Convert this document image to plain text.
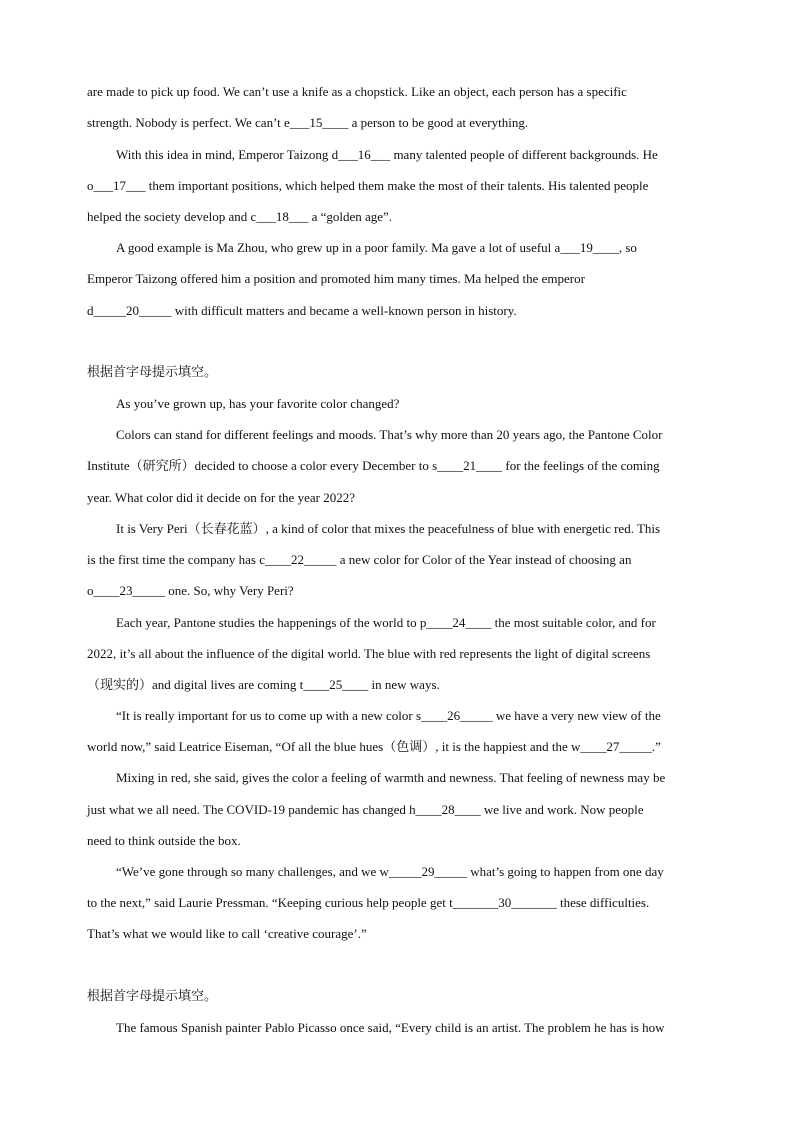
are made to pick up food. We can’t use a knife as a chopstick. Like an object, each person has a specific
strength. Nobody is perfect. We can’t e___15____ a person to be good at everything.
With this idea in mind, Emperor Taizong d___16___ many talented people of different backgrounds. He
o___17___ them important positions, which helped them make the most of their talents. His talented people
helped the society develop and c___18___ a “golden age”.
A good example is Ma Zhou, who grew up in a poor family. Ma gave a lot of useful a___19____, so
Emperor Taizong offered him a position and promoted him many times. Ma helped the emperor
d_____20_____ with difficult matters and became a well-known person in history.
根据首字母提示填空。
As you’ve grown up, has your favorite color changed?
Colors can stand for different feelings and moods. That’s why more than 20 years ago, the Pantone Color
Institute（研究所）decided to choose a color every December to s____21____ for the feelings of the coming
year. What color did it decide on for the year 2022?
It is Very Peri（长春花蓝）, a kind of color that mixes the peacefulness of blue with energetic red. This
is the first time the company has c____22_____ a new color for Color of the Year instead of choosing an
o____23_____ one. So, why Very Peri?
Each year, Pantone studies the happenings of the world to p____24____ the most suitable color, and for
2022, it’s all about the influence of the digital world. The blue with red represents the light of digital screens
（现实的）and digital lives are coming t____25____ in new ways.
“It is really important for us to come up with a new color s____26_____ we have a very new view of the
world now,” said Leatrice Eiseman, “Of all the blue hues（色调）, it is the happiest and the w____27_____.”
Mixing in red, she said, gives the color a feeling of warmth and newness. That feeling of newness may be
just what we all need. The COVID-19 pandemic has changed h____28____ we live and work. Now people
need to think outside the box.
“We’ve gone through so many challenges, and we w_____29_____ what’s going to happen from one day
to the next,” said Laurie Pressman. “Keeping curious help people get t_______30_______ these difficulties.
That’s what we would like to call ‘creative courage’.”
根据首字母提示填空。
The famous Spanish painter Pablo Picasso once said, “Every child is an artist. The problem he has is how
